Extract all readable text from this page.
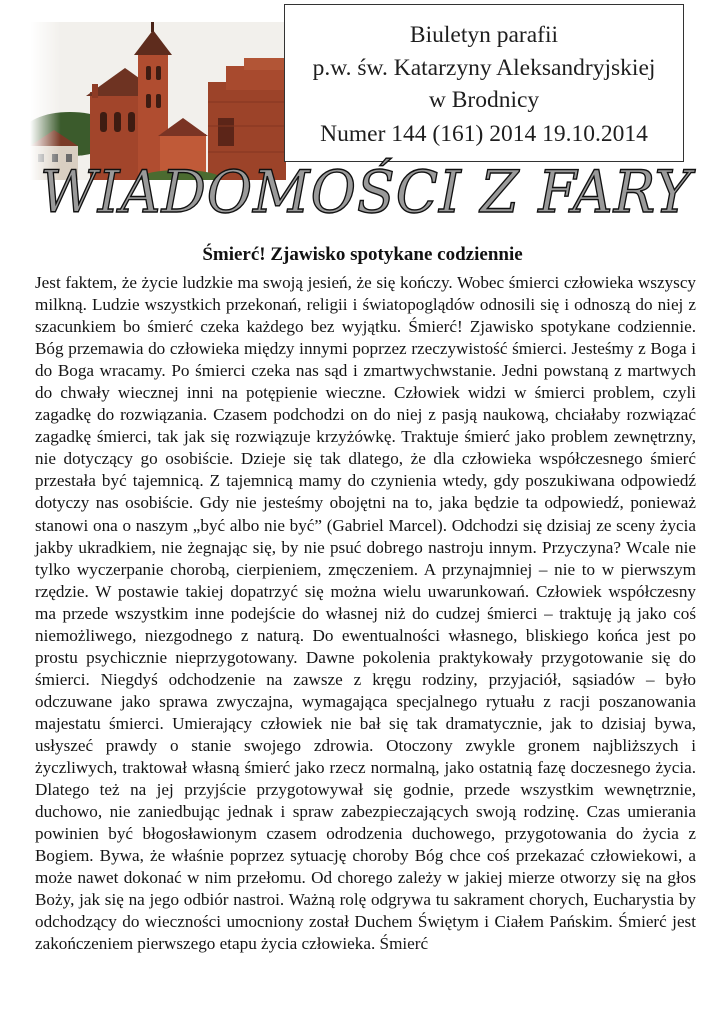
Biuletyn parafii
p.w. św. Katarzyny Aleksandryjskiej
w Brodnicy
Numer 144 (161) 2014 19.10.2014
WIADOMOŚCI Z FARY
Śmierć! Zjawisko spotykane codziennie

Jest faktem, że życie ludzkie ma swoją jesień, że się kończy. Wobec śmierci człowieka wszyscy milkną. Ludzie wszystkich przekonań, religii i światopoglądów odnosili się i odnoszą do niej z szacunkiem bo śmierć czeka każdego bez wyjątku. Śmierć! Zjawisko spotykane codziennie. Bóg przemawia do człowieka między innymi poprzez rzeczywistość śmierci. Jesteśmy z Boga i do Boga wracamy. Po śmierci czeka nas sąd i zmartwychwstanie. Jedni powstaną z martwych do chwały wiecznej inni na potępienie wieczne. Człowiek widzi w śmierci problem, czyli zagadkę do rozwiązania. Czasem podchodzi on do niej z pasją naukową, chciałaby rozwiązać zagadkę śmierci, tak jak się rozwiązuje krzyżówkę. Traktuje śmierć jako problem zewnętrzny, nie dotyczący go osobiście. Dzieje się tak dlatego, że dla człowieka współczesnego śmierć przestała być tajemnicą. Z tajemnicą mamy do czynienia wtedy, gdy poszukiwana odpowiedź dotyczy nas osobiście. Gdy nie jesteśmy obojętni na to, jaka będzie ta odpowiedź, ponieważ stanowi ona o naszym „być albo nie być” (Gabriel Marcel). Odchodzi się dzisiaj ze sceny życia jakby ukradkiem, nie żegnając się, by nie psuć dobrego nastroju innym. Przyczyna? Wcale nie tylko wyczerpanie chorobą, cierpieniem, zmęczeniem. A przynajmniej – nie to w pierwszym rzędzie. W postawie takiej dopatrzyć się można wielu uwarunkowań. Człowiek współczesny ma przede wszystkim inne podejście do własnej niż do cudzej śmierci – traktuję ją jako coś niemożliwego, niezgodnego z naturą. Do ewentualności własnego, bliskiego końca jest po prostu psychicznie nieprzygotowany. Dawne pokolenia praktykowały przygotowanie się do śmierci. Niegdyś odchodzenie na zawsze z kręgu rodziny, przyjaciół, sąsiadów – było odczuwane jako sprawa zwyczajna, wymagająca specjalnego rytuału z racji poszanowania majestatu śmierci. Umierający człowiek nie bał się tak dramatycznie, jak to dzisiaj bywa, usłyszeć prawdy o stanie swojego zdrowia. Otoczony zwykle gronem najbliższych i życzliwych, traktował własną śmierć jako rzecz normalną, jako ostatnią fazę doczesnego życia. Dlatego też na jej przyjście przygotowywał się godnie, przede wszystkim wewnętrznie, duchowo, nie zaniedbując jednak i spraw zabezpieczających swoją rodzinę. Czas umierania powinien być błogosławionym czasem odrodzenia duchowego, przygotowania do życia z Bogiem. Bywa, że właśnie poprzez sytuację choroby Bóg chce coś przekazać człowiekowi, a może nawet dokonać w nim przełomu. Od chorego zależy w jakiej mierze otworzy się na głos Boży, jak się na jego odbiór nastroi. Ważną rolę odgrywa tu sakrament chorych, Eucharystia by odchodzący do wieczności umocniony został Duchem Świętym i Ciałem Pańskim. Śmierć jest zakończeniem pierwszego etapu życia człowieka. Śmierć
